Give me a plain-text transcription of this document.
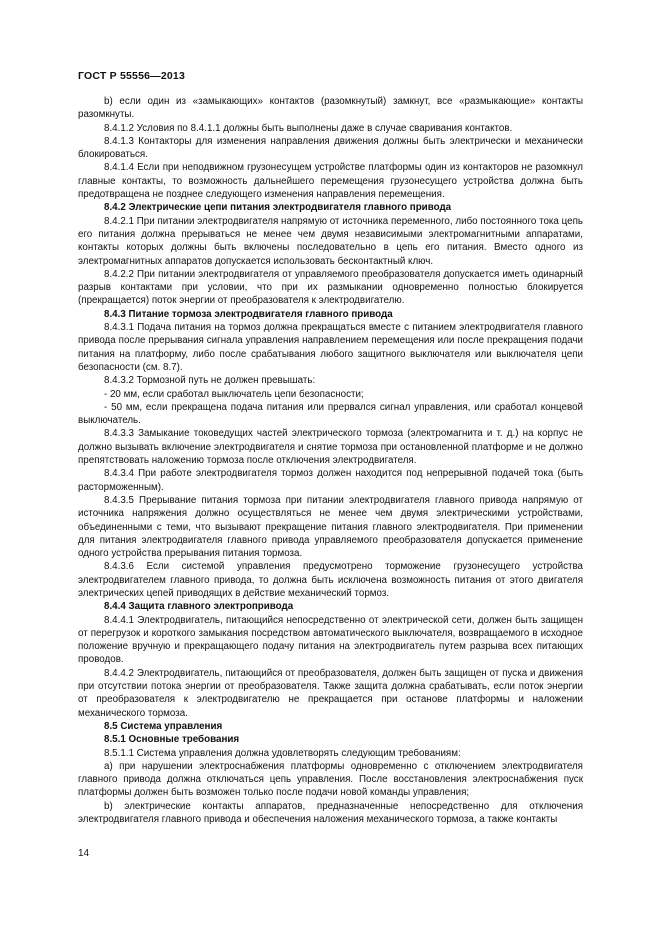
ГОСТ Р 55556—2013

b) если один из «замыкающих» контактов (разомкнутый) замкнут, все «размыкающие» контакты разомкнуты.

8.4.1.2 Условия по 8.4.1.1 должны быть выполнены даже в случае сваривания контактов.

8.4.1.3 Контакторы для изменения направления движения должны быть электрически и механически блокироваться.

8.4.1.4 Если при неподвижном грузонесущем устройстве платформы один из контакторов не разомкнул главные контакты, то возможность дальнейшего перемещения грузонесущего устройства должна быть предотвращена не позднее следующего изменения направления перемещения.

8.4.2 Электрические цепи питания электродвигателя главного привода

8.4.2.1 При питании электродвигателя напрямую от источника переменного, либо постоянного тока цепь его питания должна прерываться не менее чем двумя независимыми электромагнитными аппаратами, контакты которых должны быть включены последовательно в цепь его питания. Вместо одного из электромагнитных аппаратов допускается использовать бесконтактный ключ.

8.4.2.2 При питании электродвигателя от управляемого преобразователя допускается иметь одинарный разрыв контактами при условии, что при их размыкании одновременно полностью блокируется (прекращается) поток энергии от преобразователя к электродвигателю.

8.4.3 Питание тормоза электродвигателя главного привода

8.4.3.1 Подача питания на тормоз должна прекращаться вместе с питанием электродвигателя главного привода после прерывания сигнала управления направлением перемещения или после прекращения подачи питания на платформу, либо после срабатывания любого защитного выключателя или выключателя цепи безопасности (см. 8.7).

8.4.3.2 Тормозной путь не должен превышать:

- 20 мм, если сработал выключатель цепи безопасности;

- 50 мм, если прекращена подача питания или прервался сигнал управления, или сработал концевой выключатель.

8.4.3.3 Замыкание токоведущих частей электрического тормоза (электромагнита и т. д.) на корпус не должно вызывать включение электродвигателя и снятие тормоза при остановленной платформе и не должно препятствовать наложению тормоза после отключения электродвигателя.

8.4.3.4 При работе электродвигателя тормоз должен находится под непрерывной подачей тока (быть расторможенным).

8.4.3.5 Прерывание питания тормоза при питании электродвигателя главного привода напрямую от источника напряжения должно осуществляться не менее чем двумя электрическими устройствами, объединенными с теми, что вызывают прекращение питания главного электродвигателя. При применении для питания электродвигателя главного привода управляемого преобразователя допускается применение одного устройства прерывания питания тормоза.

8.4.3.6 Если системой управления предусмотрено торможение грузонесущего устройства электродвигателем главного привода, то должна быть исключена возможность питания от этого двигателя электрических цепей приводящих в действие механический тормоз.

8.4.4 Защита главного электропривода

8.4.4.1 Электродвигатель, питающийся непосредственно от электрической сети, должен быть защищен от перегрузок и короткого замыкания посредством автоматического выключателя, возвращаемого в исходное положение вручную и прекращающего подачу питания на электродвигатель путем разрыва всех питающих проводов.

8.4.4.2 Электродвигатель, питающийся от преобразователя, должен быть защищен от пуска и движения при отсутствии потока энергии от преобразователя. Также защита должна срабатывать, если поток энергии от преобразователя к электродвигателю не прекращается при останове платформы и наложении механического тормоза.

8.5 Система управления

8.5.1 Основные требования

8.5.1.1 Система управления должна удовлетворять следующим требованиям:

а) при нарушении электроснабжения платформы одновременно с отключением электродвигателя главного привода должна отключаться цепь управления. После восстановления электроснабжения пуск платформы должен быть возможен только после подачи новой команды управления;

b) электрические контакты аппаратов, предназначенные непосредственно для отключения электродвигателя главного привода и обеспечения наложения механического тормоза, а также контакты

14
